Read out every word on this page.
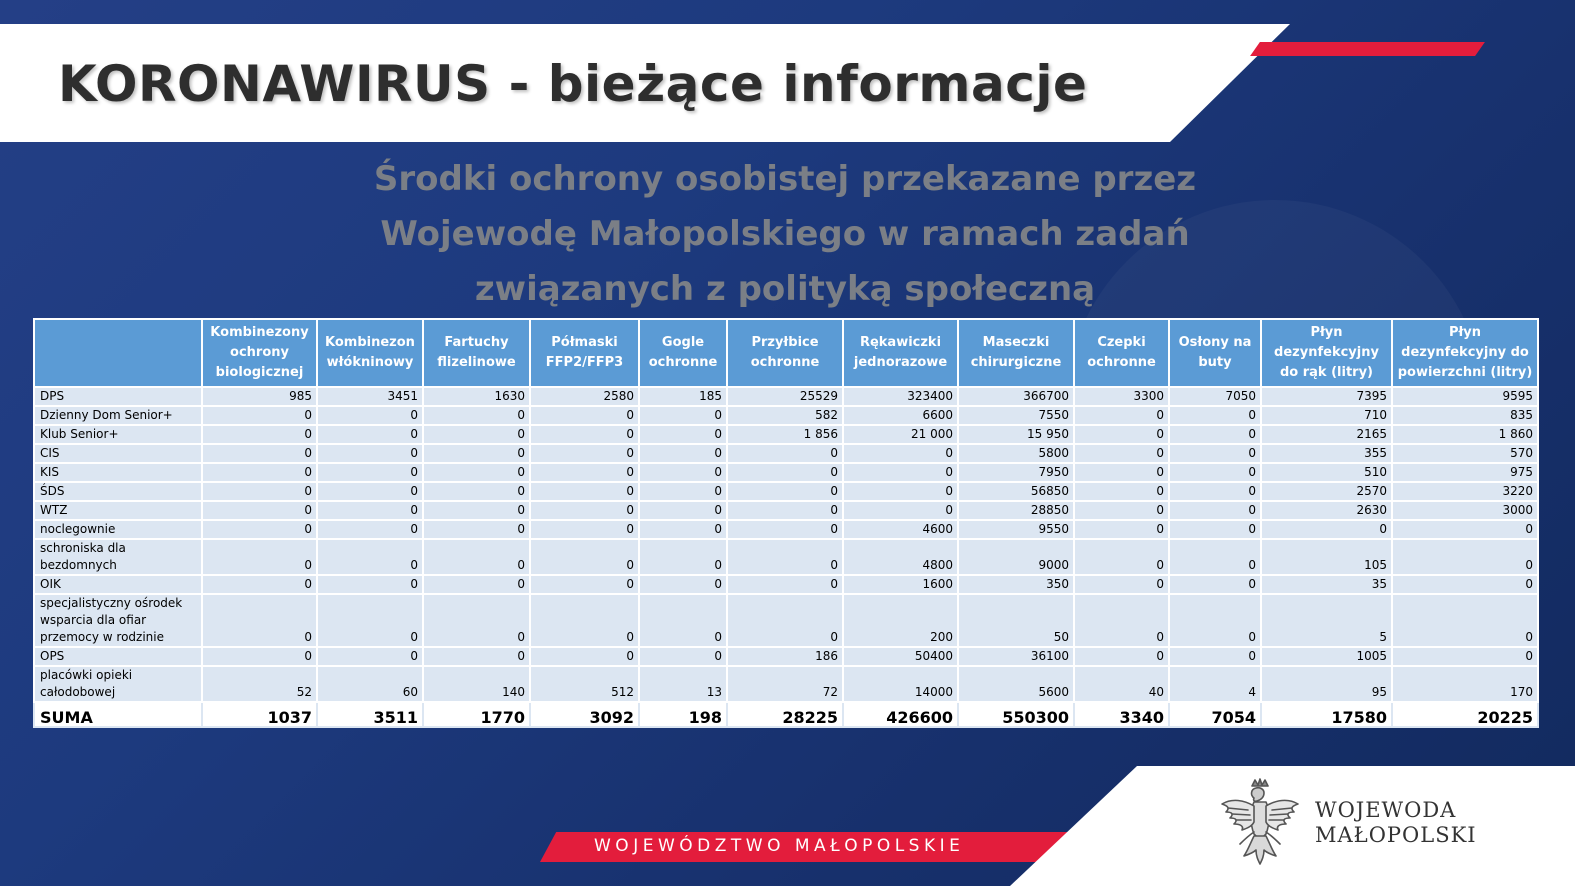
KORONAWIRUS - bieżące informacje
Środki ochrony osobistej przekazane przez
Wojewodę Małopolskiego w ramach zadań
związanych z polityką społeczną
	Kombinezony ochrony biologicznej	Kombinezon włókninowy	Fartuchy flizelinowe	Półmaski FFP2/FFP3	Gogle ochronne	Przyłbice ochronne	Rękawiczki jednorazowe	Maseczki chirurgiczne	Czepki ochronne	Osłony na buty	Płyn dezynfekcyjny do rąk (litry)	Płyn dezynfekcyjny do powierzchni (litry)
DPS	985	3451	1630	2580	185	25529	323400	366700	3300	7050	7395	9595
Dzienny Dom Senior+	0	0	0	0	0	582	6600	7550	0	0	710	835
Klub Senior+	0	0	0	0	0	1 856	21 000	15 950	0	0	2165	1 860
CIS	0	0	0	0	0	0	0	5800	0	0	355	570
KIS	0	0	0	0	0	0	0	7950	0	0	510	975
ŚDS	0	0	0	0	0	0	0	56850	0	0	2570	3220
WTZ	0	0	0	0	0	0	0	28850	0	0	2630	3000
noclegownie	0	0	0	0	0	0	4600	9550	0	0	0	0
schroniska dla bezdomnych	0	0	0	0	0	0	4800	9000	0	0	105	0
OIK	0	0	0	0	0	0	1600	350	0	0	35	0
specjalistyczny ośrodek wsparcia dla ofiar przemocy w rodzinie	0	0	0	0	0	0	200	50	0	0	5	0
OPS	0	0	0	0	0	186	50400	36100	0	0	1005	0
placówki opieki całodobowej	52	60	140	512	13	72	14000	5600	40	4	95	170
SUMA	1037	3511	1770	3092	198	28225	426600	550300	3340	7054	17580	20225

WOJEWÓDZTWO MAŁOPOLSKIE

WOJEWODA
MAŁOPOLSKI
